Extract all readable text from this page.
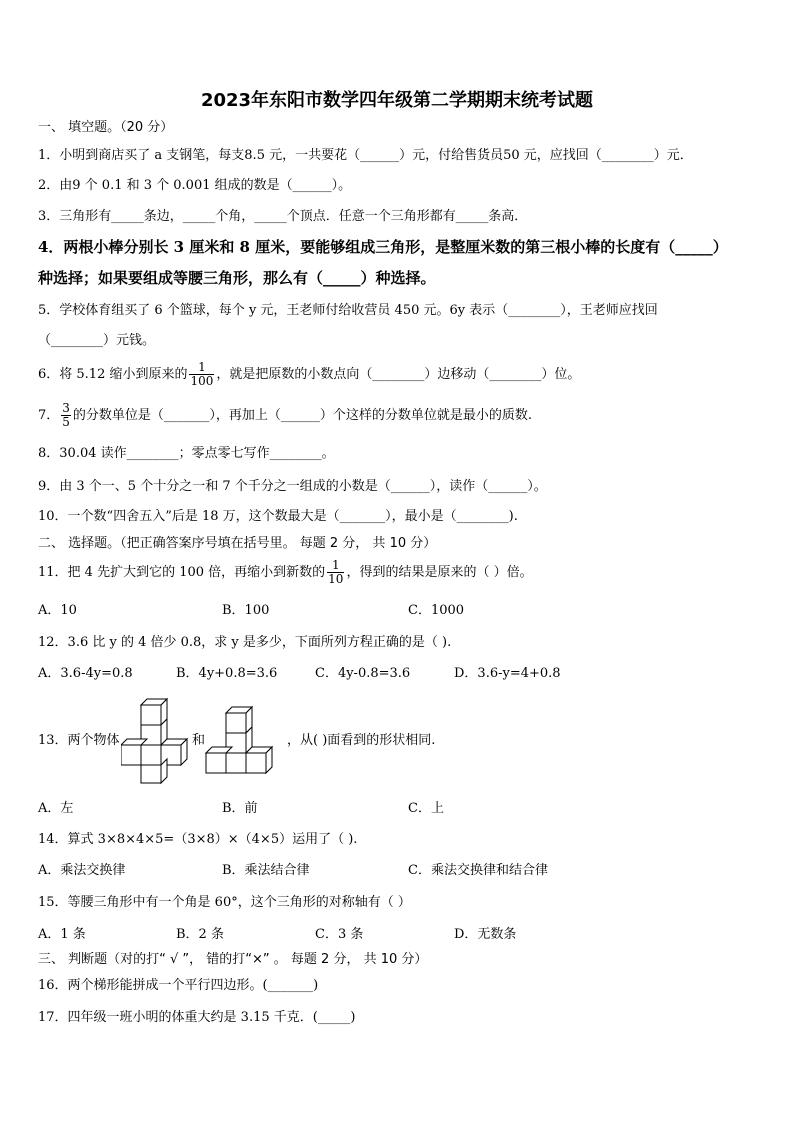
2023年东阳市数学四年级第二学期期末统考试题
一、 填空题。（20 分）
1．小明到商店买了 a 支钢笔，每支8.5 元，一共要花（______）元，付给售货员50 元，应找回（________）元．
2．由9 个 0.1 和 3 个 0.001 组成的数是（______）。
3．三角形有_____条边，_____个角，_____个顶点．任意一个三角形都有_____条高．
4．两根小棒分别长 3 厘米和 8 厘米，要能够组成三角形，是整厘米数的第三根小棒的长度有（_____）
种选择；如果要组成等腰三角形，那么有（_____）种选择。
5．学校体育组买了 6 个篮球，每个 y 元，王老师付给收营员 450 元。6y 表示（________），王老师应找回
（________）元钱。
6．将 5.12 缩小到原来的 $\frac{1}{100}$ ，就是把原数的小数点向（________）边移动（________）位。
7． $\frac{3}{5}$ 的分数单位是（_______），再加上（______）个这样的分数单位就是最小的质数.
8．30.04 读作________；零点零七写作________。
9．由 3 个一、5 个十分之一和 7 个千分之一组成的小数是（______），读作（______）。
10．一个数“四舍五入”后是 18 万，这个数最大是（_______），最小是（________).
二、 选择题。（把正确答案序号填在括号里。 每题 2 分， 共 10 分）
11．把 4 先扩大到它的 100 倍，再缩小到新数的 $\frac{1}{10}$ ，得到的结果是原来的（ ）倍。
A．10	B．100	C．1000
12．3.6 比 y 的 4 倍少 0.8，求 y 是多少，下面所列方程正确的是（ ).
A．3.6-4y=0.8	B．4y+0.8=3.6	C．4y-0.8=3.6	D．3.6-y=4+0.8
13．两个物体	和	，从( )面看到的形状相同.
A．左	B．前	C．上
14．算式 3×8×4×5=（3×8）×（4×5）运用了（ ).
A．乘法交换律	B．乘法结合律	C．乘法交换律和结合律
15．等腰三角形中有一个角是 60°，这个三角形的对称轴有（ ）
A．1 条	B．2 条	C．3 条	D．无数条
三、 判断题（对的打“ √ ”， 错的打“×” 。 每题 2 分， 共 10 分）
16．两个梯形能拼成一个平行四边形。(_______)
17．四年级一班小明的体重大约是 3.15 千克．(_____)
